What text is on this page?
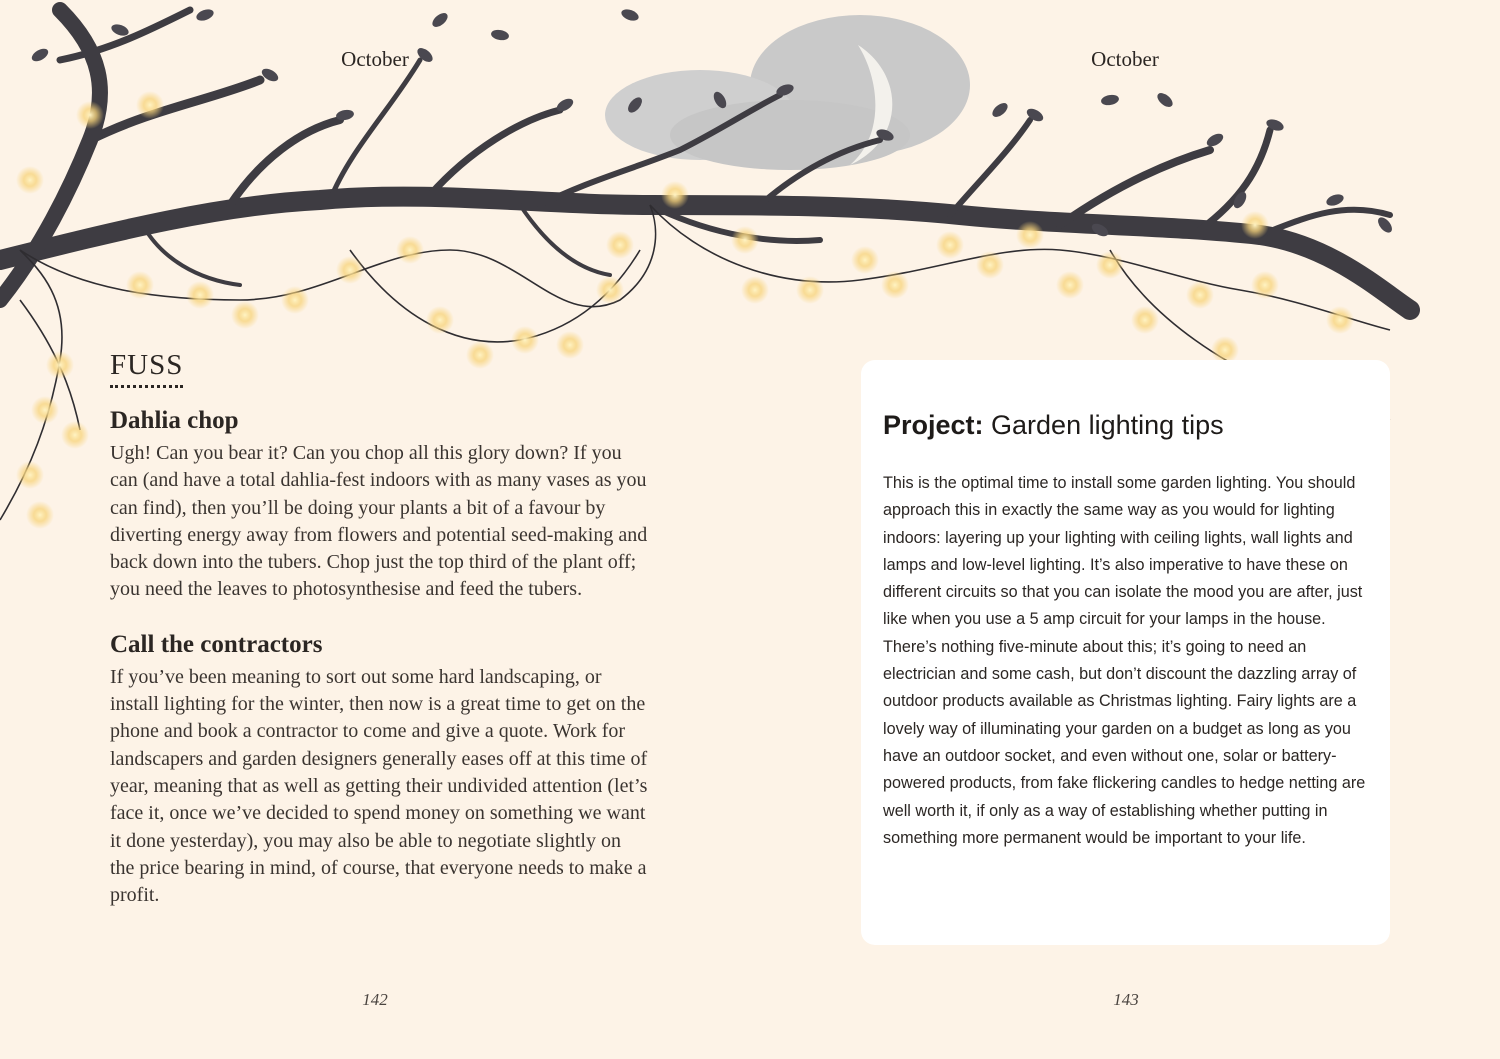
October	October
FUSS
Dahlia chop

Ugh! Can you bear it? Can you chop all this glory down? If you can (and have a total dahlia-fest indoors with as many vases as you can find), then you’ll be doing your plants a bit of a favour by diverting energy away from flowers and potential seed-making and back down into the tubers. Chop just the top third of the plant off; you need the leaves to photosynthesise and feed the tubers.

Call the contractors

If you’ve been meaning to sort out some hard landscaping, or install lighting for the winter, then now is a great time to get on the phone and book a contractor to come and give a quote. Work for landscapers and garden designers generally eases off at this time of year, meaning that as well as getting their undivided attention (let’s face it, once we’ve decided to spend money on something we want it done yesterday), you may also be able to negotiate slightly on the price bearing in mind, of course, that everyone needs to make a profit.

Project: Garden lighting tips

This is the optimal time to install some garden lighting. You should approach this in exactly the same way as you would for lighting indoors: layering up your lighting with ceiling lights, wall lights and lamps and low-level lighting. It’s also imperative to have these on different circuits so that you can isolate the mood you are after, just like when you use a 5 amp circuit for your lamps in the house. There’s nothing five-minute about this; it’s going to need an electrician and some cash, but don’t discount the dazzling array of outdoor products available as Christmas lighting. Fairy lights are a lovely way of illuminating your garden on a budget as long as you have an outdoor socket, and even without one, solar or battery-powered products, from fake flickering candles to hedge netting are well worth it, if only as a way of establishing whether putting in something more permanent would be important to your life.

142	143
